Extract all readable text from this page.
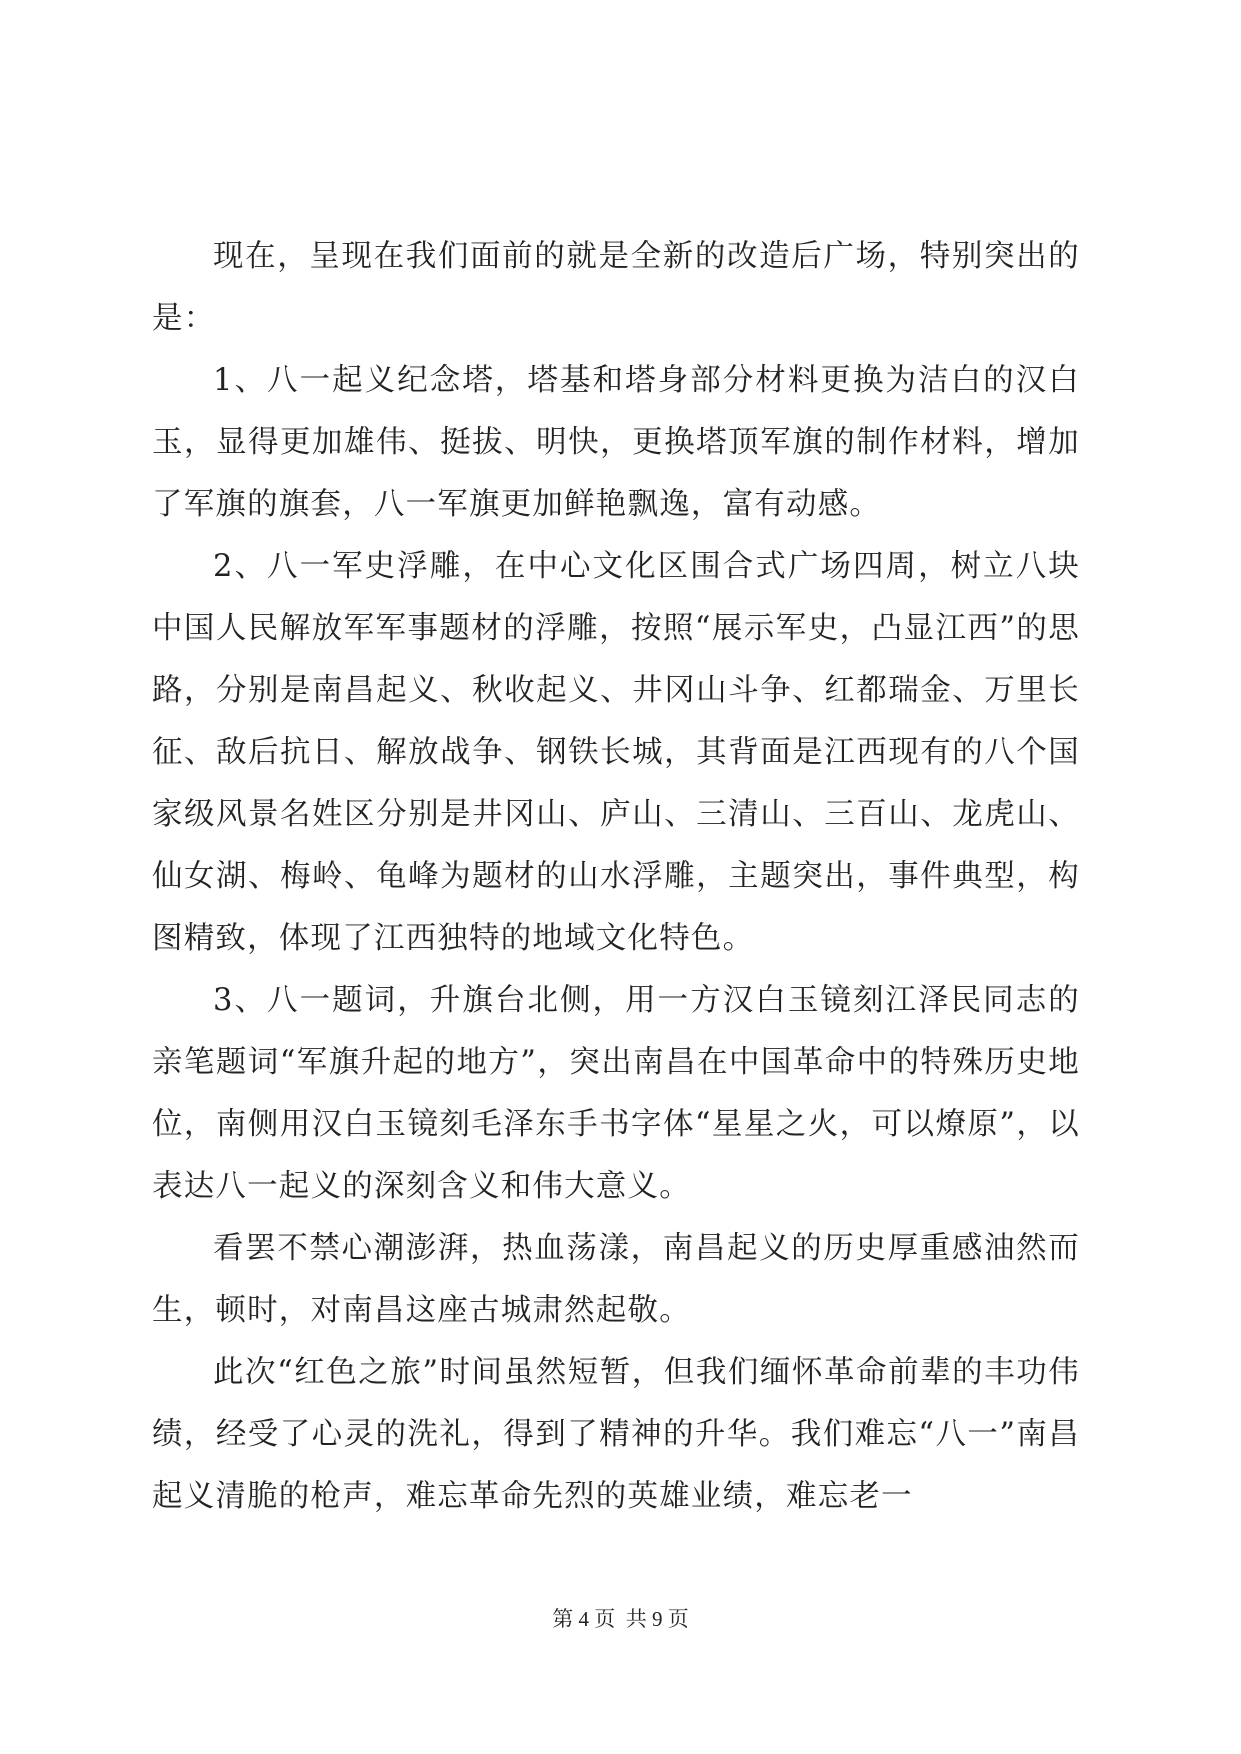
现在，呈现在我们面前的就是全新的改造后广场，特别突出的是：

1、八一起义纪念塔，塔基和塔身部分材料更换为洁白的汉白玉，显得更加雄伟、挺拔、明快，更换塔顶军旗的制作材料，增加了军旗的旗套，八一军旗更加鲜艳飘逸，富有动感。

2、八一军史浮雕，在中心文化区围合式广场四周，树立八块中国人民解放军军事题材的浮雕，按照“展示军史，凸显江西”的思路，分别是南昌起义、秋收起义、井冈山斗争、红都瑞金、万里长征、敌后抗日、解放战争、钢铁长城，其背面是江西现有的八个国家级风景名姓区分别是井冈山、庐山、三清山、三百山、龙虎山、仙女湖、梅岭、龟峰为题材的山水浮雕，主题突出，事件典型，构图精致，体现了江西独特的地域文化特色。

3、八一题词，升旗台北侧，用一方汉白玉镜刻江泽民同志的亲笔题词“军旗升起的地方”，突出南昌在中国革命中的特殊历史地位，南侧用汉白玉镜刻毛泽东手书字体“星星之火，可以燎原”，以表达八一起义的深刻含义和伟大意义。

看罢不禁心潮澎湃，热血荡漾，南昌起义的历史厚重感油然而生，顿时，对南昌这座古城肃然起敬。

此次“红色之旅”时间虽然短暂，但我们缅怀革命前辈的丰功伟绩，经受了心灵的洗礼，得到了精神的升华。我们难忘“八一”南昌起义清脆的枪声，难忘革命先烈的英雄业绩，难忘老一

第 4 页  共 9 页
